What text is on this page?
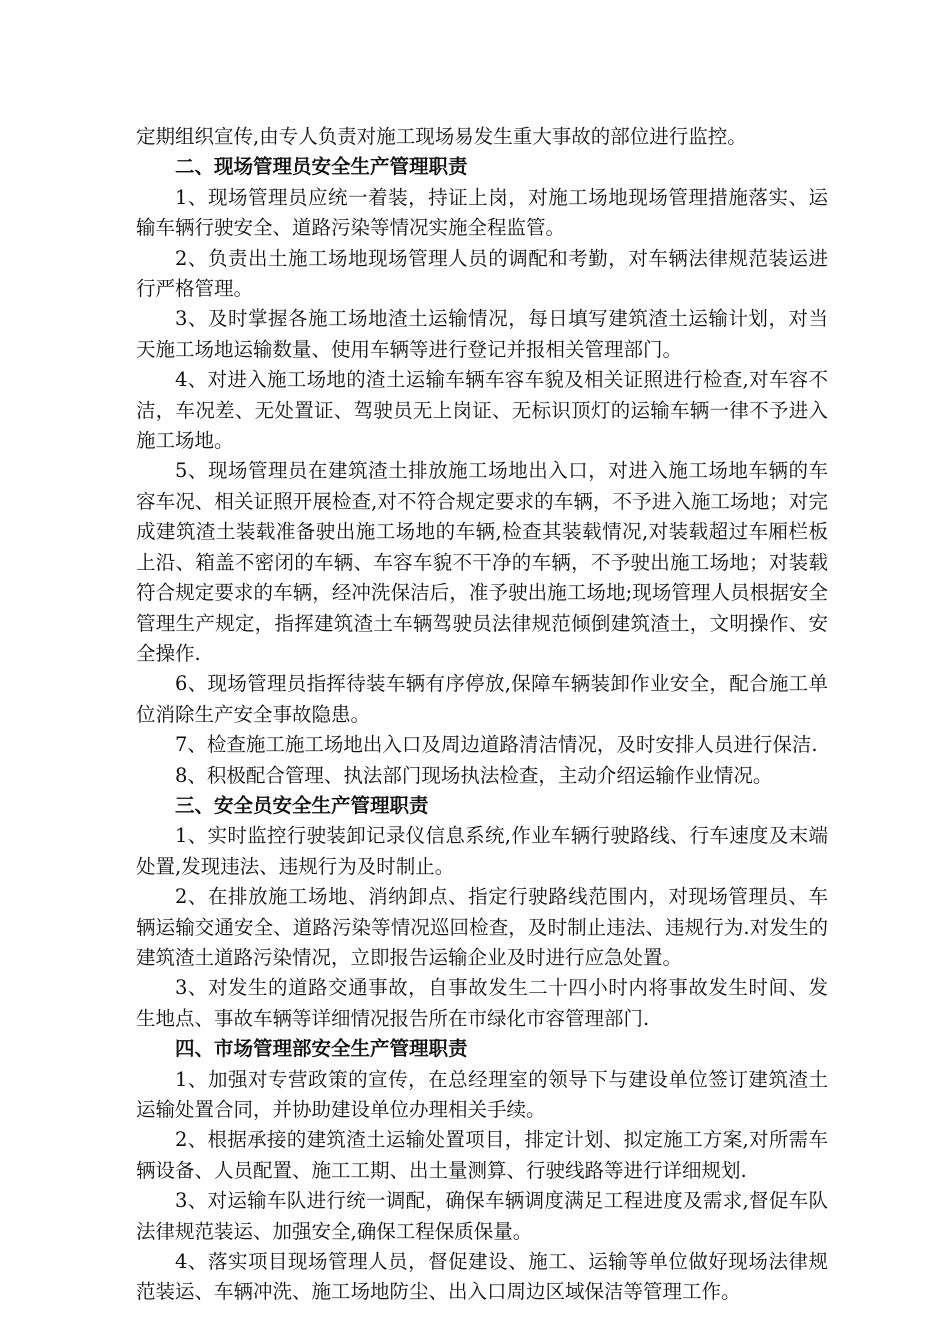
定期组织宣传,由专人负责对施工现场易发生重大事故的部位进行监控。

二、现场管理员安全生产管理职责

1、现场管理员应统一着装，持证上岗，对施工场地现场管理措施落实、运输车辆行驶安全、道路污染等情况实施全程监管。

2、负责出土施工场地现场管理人员的调配和考勤，对车辆法律规范装运进行严格管理。

3、及时掌握各施工场地渣土运输情况，每日填写建筑渣土运输计划，对当天施工场地运输数量、使用车辆等进行登记并报相关管理部门。

4、对进入施工场地的渣土运输车辆车容车貌及相关证照进行检查,对车容不洁，车况差、无处置证、驾驶员无上岗证、无标识顶灯的运输车辆一律不予进入施工场地。

5、现场管理员在建筑渣土排放施工场地出入口，对进入施工场地车辆的车容车况、相关证照开展检查,对不符合规定要求的车辆，不予进入施工场地；对完成建筑渣土装载准备驶出施工场地的车辆,检查其装载情况,对装载超过车厢栏板上沿、箱盖不密闭的车辆、车容车貌不干净的车辆，不予驶出施工场地；对装载符合规定要求的车辆，经冲洗保洁后，准予驶出施工场地;现场管理人员根据安全管理生产规定，指挥建筑渣土车辆驾驶员法律规范倾倒建筑渣土，文明操作、安全操作.

6、现场管理员指挥待装车辆有序停放,保障车辆装卸作业安全，配合施工单位消除生产安全事故隐患。

7、检查施工施工场地出入口及周边道路清洁情况，及时安排人员进行保洁.

8、积极配合管理、执法部门现场执法检查，主动介绍运输作业情况。

三、安全员安全生产管理职责

1、实时监控行驶装卸记录仪信息系统,作业车辆行驶路线、行车速度及末端处置,发现违法、违规行为及时制止。

2、在排放施工场地、消纳卸点、指定行驶路线范围内，对现场管理员、车辆运输交通安全、道路污染等情况巡回检查，及时制止违法、违规行为.对发生的建筑渣土道路污染情况，立即报告运输企业及时进行应急处置。

3、对发生的道路交通事故，自事故发生二十四小时内将事故发生时间、发生地点、事故车辆等详细情况报告所在市绿化市容管理部门.

四、市场管理部安全生产管理职责

1、加强对专营政策的宣传，在总经理室的领导下与建设单位签订建筑渣土运输处置合同，并协助建设单位办理相关手续。

2、根据承接的建筑渣土运输处置项目，排定计划、拟定施工方案,对所需车辆设备、人员配置、施工工期、出土量测算、行驶线路等进行详细规划.

3、对运输车队进行统一调配，确保车辆调度满足工程进度及需求,督促车队法律规范装运、加强安全,确保工程保质保量。

4、落实项目现场管理人员，督促建设、施工、运输等单位做好现场法律规范装运、车辆冲洗、施工场地防尘、出入口周边区域保洁等管理工作。
